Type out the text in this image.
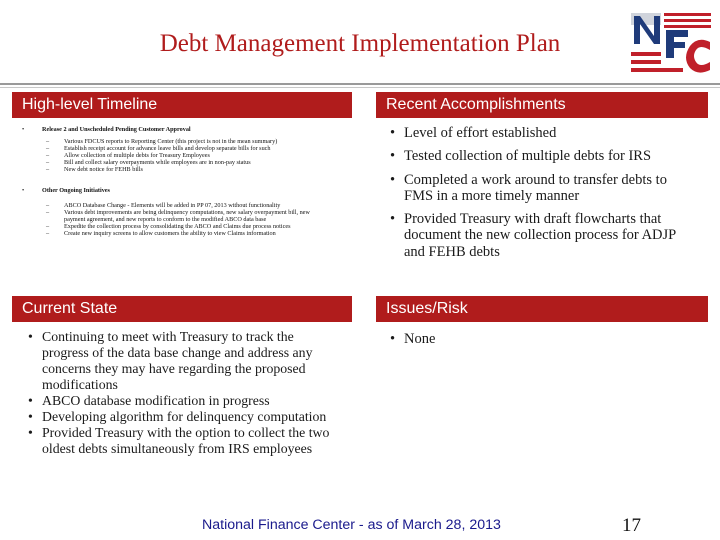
Debt Management Implementation Plan
High-level Timeline	Recent Accomplishments
Current State	Issues/Risk
• Release 2 and Unscheduled Pending Customer Approval
– Various FDCUS reports to Reporting Center (this project is not in the mean summary)
– Establish receipt account for advance leave bills and develop separate bills for such
– Allow collection of multiple debts for Treasury Employees
– Bill and collect salary overpayments while employees are in non-pay status
– New debt notice for FEHB bills
• Other Ongoing Initiatives
– ABCO Database Change - Elements will be added in PP 07, 2013 without functionality
– Various debt improvements are being delinquency computations, new salary overpayment bill, new payment agreement, and new reports to conform to the modified ABCO data base
– Expedite the collection process by consolidating the ABCO and Claims due process notices
– Create new inquiry screens to allow customers the ability to view Claims information
• Level of effort established
• Tested collection of multiple debts for IRS
• Completed a work around to transfer debts to FMS in a more timely manner
• Provided Treasury with draft flowcharts that document the new collection process for ADJP and FEHB debts
• Continuing to meet with Treasury to track the progress of the data base change and address any concerns they may have regarding the proposed modifications
• ABCO database modification in progress
• Developing algorithm for delinquency computation
• Provided Treasury with the option to collect the two oldest debts simultaneously from IRS employees
• None
National Finance Center - as of March 28, 2013	17
